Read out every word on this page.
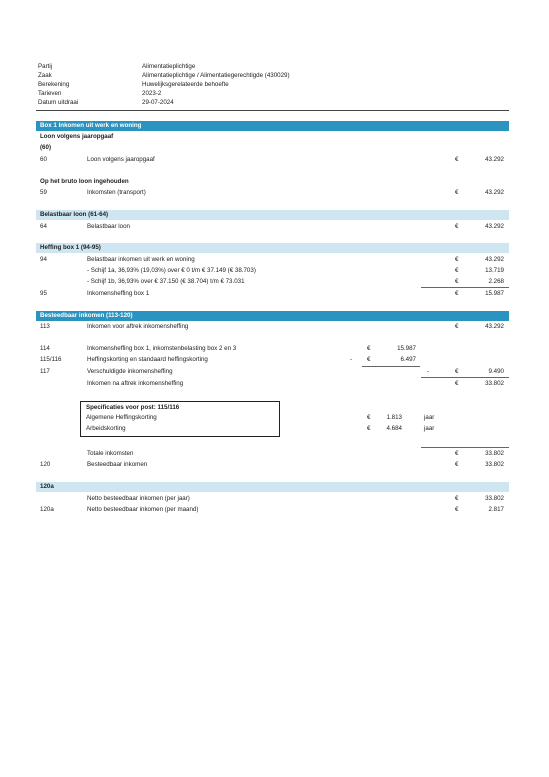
Partij	Alimentatieplichtige
Zaak	Alimentatieplichtige / Alimentatiegerechtigde (430029)
Berekening	Huwelijksgerelateerde behoefte
Tarieven	2023-2
Datum uitdraai	29-07-2024
Box 1 Inkomen uit werk en woning
Loon volgens jaaropgaaf
(60)
60	Loon volgens jaaropgaaf	€	43.292
Op het bruto loon ingehouden
59	Inkomsten (transport)	€	43.292
Belastbaar loon (61-64)
64	Belastbaar loon	€	43.292
Heffing box 1 (94-95)
94	Belastbaar inkomen uit werk en woning	€	43.292
- Schijf 1a, 36,93% (19,03%) over € 0 t/m € 37.149 (€ 38.703)	€	13.719
- Schijf 1b, 36,93% over € 37.150 (€ 38.704) t/m € 73.031	€	2.268
95	Inkomensheffing box 1	€	15.987
Besteedbaar inkomen (113-120)
113	Inkomen voor aftrek inkomensheffing	€	43.292
114	Inkomensheffing box 1, inkomstenbelasting box 2 en 3	€	15.987
115/116	Heffingskorting en standaard heffingskorting	- €	6.497
117	Verschuldigde inkomensheffing	-	€	9.490
Inkomen na aftrek inkomensheffing	€	33.802
Specificaties voor post: 115/116
Algemene Heffingskorting	€	1.813	jaar
Arbeidskorting	€	4.684	jaar
Totale inkomsten	€	33.802
120	Besteedbaar inkomen	€	33.802
120a
Netto besteedbaar inkomen (per jaar)	€	33.802
120a	Netto besteedbaar inkomen (per maand)	€	2.817
